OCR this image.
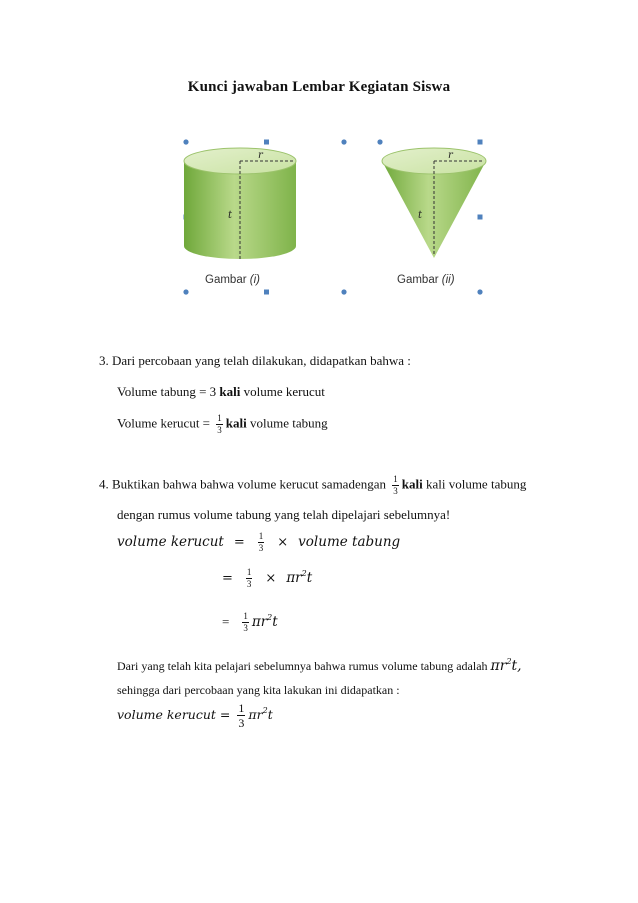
Kunci jawaban Lembar Kegiatan Siswa
r
t
r
t
Gambar (i)	Gambar (ii)
3. Dari percobaan yang telah dilakukan, didapatkan bahwa :
Volume tabung = 3 kali volume kerucut
Volume kerucut = $\frac{1}{3}$ kali volume tabung
4. Buktikan bahwa bahwa volume kerucut samadengan $\frac{1}{3}$ kali kali volume tabung
dengan rumus volume tabung yang telah dipelajari sebelumnya!
volume kerucut = $\frac{1}{3}$ × volume tabung
= $\frac{1}{3} \times \pi r^2t$
= $\frac{1}{3} \pi r^2t$
Dari yang telah kita pelajari sebelumnya bahwa rumus volume tabung adalah $\pi r^2t$,
sehingga dari percobaan yang kita lakukan ini didapatkan :
volume kerucut = $\frac{1}{3} \pi r^2t$
